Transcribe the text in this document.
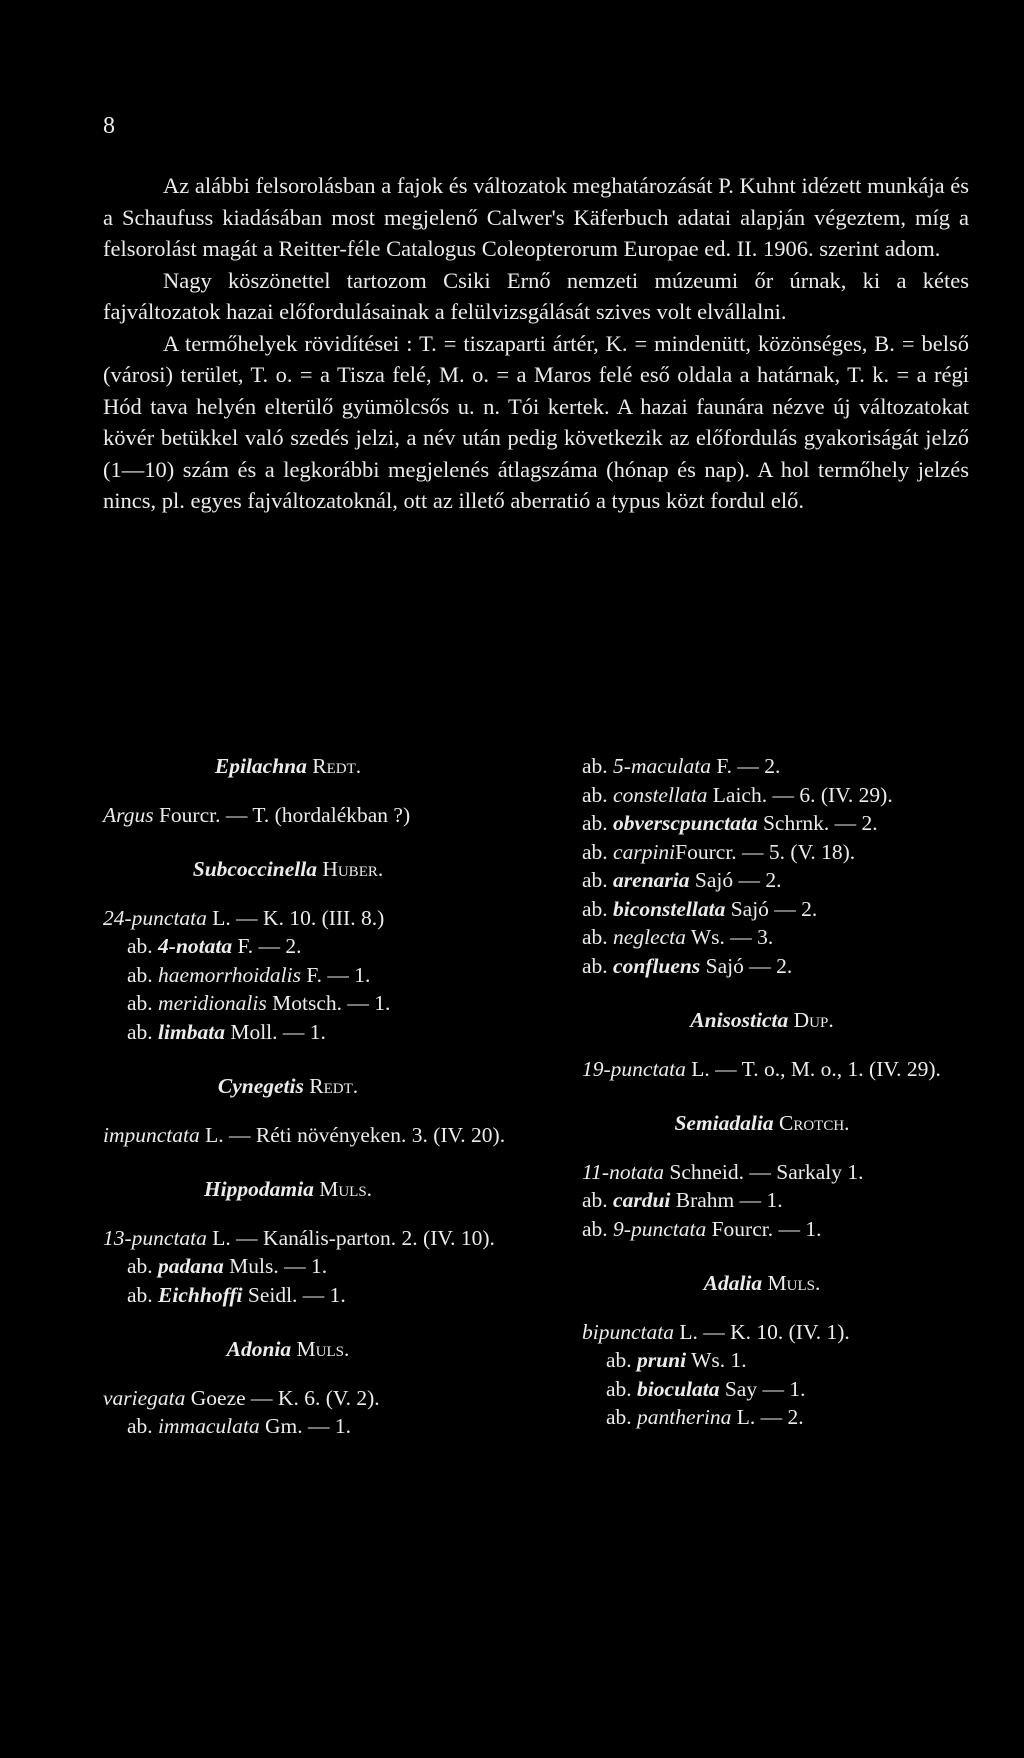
8

Az alábbi felsorolásban a fajok és változatok meghatározását P. Kuhnt idézett munkája és a Schaufuss kiadásában most megjelenő Calwer's Käferbuch adatai alapján végeztem, míg a felsorolást magát a Reitter-féle Catalogus Coleopterorum Europae ed. II. 1906. szerint adom.

Nagy köszönettel tartozom Csiki Ernő nemzeti múzeumi őr úrnak, ki a kétes fajváltozatok hazai előfordulásainak a felülvizsgálását szives volt elvállalni.

A termőhelyek rövidítései : T. = tiszaparti ártér, K. = mindenütt, közönséges, B. = belső (városi) terület, T. o. = a Tisza felé, M. o. = a Maros felé eső oldala a határnak, T. k. = a régi Hód tava helyén elterülő gyümölcsős u. n. Tói kertek. A hazai faunára nézve új változatokat kövér betükkel való szedés jelzi, a név után pedig következik az előfordulás gyakoriságát jelző (1—10) szám és a legkorábbi megjelenés átlagszáma (hónap és nap). A hol termőhely jelzés nincs, pl. egyes fajváltozatoknál, ott az illető aberratió a typus közt fordul elő.

Epilachna Redt.

Argus Fourcr. — T. (hordalékban ?)

Subcoccinella Huber.

24-punctata L. — K. 10. (III. 8.)

ab. 4-notata F. — 2.

ab. haemorrhoidalis F. — 1.

ab. meridionalis Motsch. — 1.

ab. limbata Moll. — 1.

Cynegetis Redt.

impunctata L. — Réti növényeken. 3. (IV. 20).

Hippodamia Muls.

13-punctata L. — Kanális-parton. 2. (IV. 10).

ab. padana Muls. — 1.

ab. Eichhoffi Seidl. — 1.

Adonia Muls.

variegata Goeze — K. 6. (V. 2).

ab. immaculata Gm. — 1.

ab. 5-maculata F. — 2.

ab. constellata Laich. — 6. (IV. 29).

ab. obverscpunctata Schrnk. — 2.

ab. carpiniFourcr. — 5. (V. 18).

ab. arenaria Sajó — 2.

ab. biconstellata Sajó — 2.

ab. neglecta Ws. — 3.

ab. confluens Sajó — 2.

Anisosticta Dup.

19-punctata L. — T. o., M. o., 1. (IV. 29).

Semiadalia Crotch.

11-notata Schneid. — Sarkaly 1.

ab. cardui Brahm — 1.

ab. 9-punctata Fourcr. — 1.

Adalia Muls.

bipunctata L. — K. 10. (IV. 1).

ab. pruni Ws. 1.

ab. bioculata Say — 1.

ab. pantherina L. — 2.
